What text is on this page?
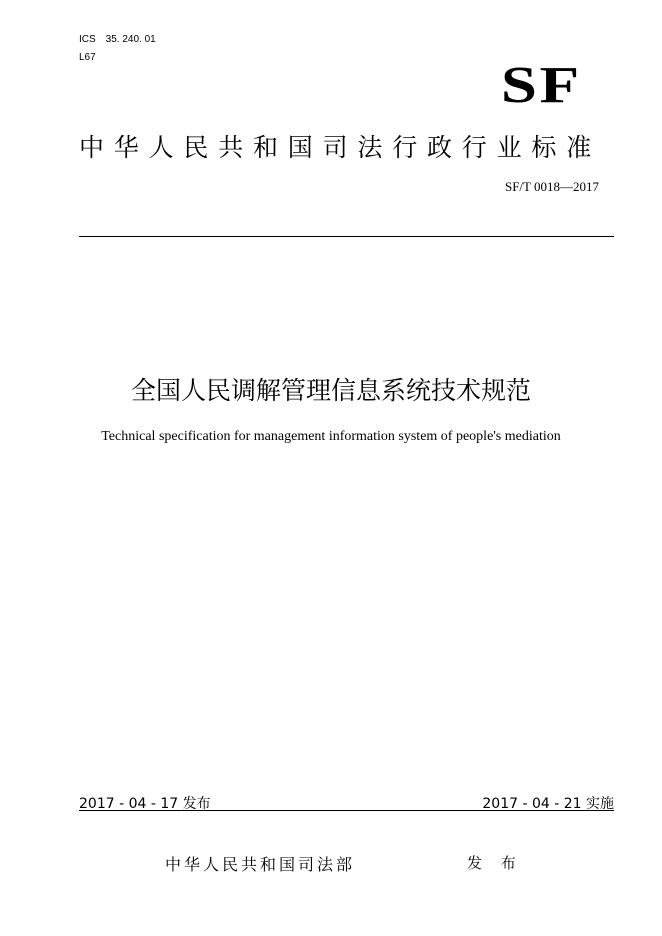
ICS 35. 240. 01
L67	SF
中华人民共和国司法行政行业标准
SF/T 0018—2017
全国人民调解管理信息系统技术规范
Technical specification for management information system of people's mediation
2017 - 04 - 17 发布	2017 - 04 - 21 实施
中华人民共和国司法部	发 布
